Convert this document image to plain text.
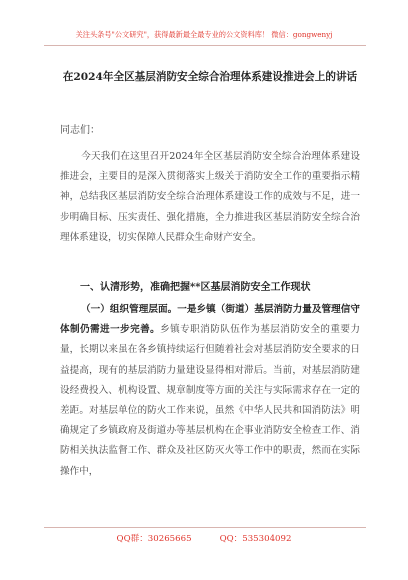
关注头条号"公文研究"，获得最新最全最专业的公文资料库！ 微信：gongwenyj
在2024年全区基层消防安全综合治理体系建设推进会上的讲话
同志们：
今天我们在这里召开2024年全区基层消防安全综合治理体系建设推进会，主要目的是深入贯彻落实上级关于消防安全工作的重要指示精神，总结我区基层消防安全综合治理体系建设工作的成效与不足，进一步明确目标、压实责任、强化措施，全力推进我区基层消防安全综合治理体系建设，切实保障人民群众生命财产安全。
一、认清形势，准确把握**区基层消防安全工作现状
（一）组织管理层面。一是乡镇（街道）基层消防力量及管理信守体制仍需进一步完善。乡镇专职消防队伍作为基层消防安全的重要力量，长期以来虽在各乡镇持续运行但随着社会对基层消防安全要求的日益提高，现有的基层消防力量建设显得相对滞后。当前，对基层消防建设经费投入、机构设置、规章制度等方面的关注与实际需求存在一定的差距。对基层单位的防火工作来说，虽然《中华人民共和国消防法》明确规定了乡镇政府及街道办等基层机构在企事业消防安全检查工作、消防相关执法监督工作、群众及社区防灭火等工作中的职责，然而在实际操作中，
QQ群：30265665	QQ：535304092
